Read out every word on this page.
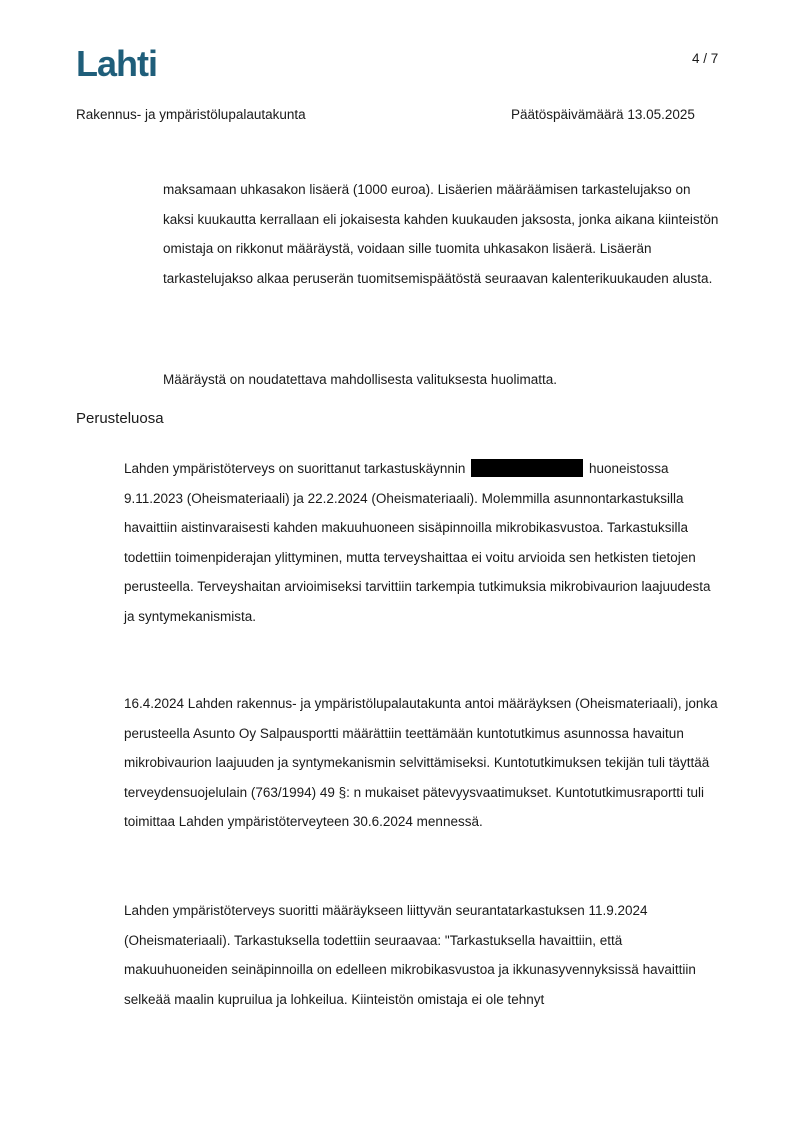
Lahti	4 / 7
Rakennus- ja ympäristölupalautakunta	Päätöspäivämäärä 13.05.2025

maksamaan uhkasakon lisäerä (1000 euroa). Lisäerien määräämisen tarkastelujakso on kaksi kuukautta kerrallaan eli jokaisesta kahden kuukauden jaksosta, jonka aikana kiinteistön omistaja on rikkonut määräystä, voidaan sille tuomita uhkasakon lisäerä. Lisäerän tarkastelujakso alkaa peruserän tuomitsemispäätöstä seuraavan kalenterikuukauden alusta.

Määräystä on noudatettava mahdollisesta valituksesta huolimatta.

Perusteluosa

Lahden ympäristöterveys on suorittanut tarkastuskäynnin	huoneistossa 9.11.2023 (Oheismateriaali) ja 22.2.2024 (Oheismateriaali). Molemmilla asunnontarkastuksilla havaittiin aistinvaraisesti kahden makuuhuoneen sisäpinnoilla mikrobikasvustoa. Tarkastuksilla todettiin toimenpiderajan ylittyminen, mutta terveyshaittaa ei voitu arvioida sen hetkisten tietojen perusteella. Terveyshaitan arvioimiseksi tarvittiin tarkempia tutkimuksia mikrobivaurion laajuudesta ja syntymekanismista.

16.4.2024 Lahden rakennus- ja ympäristölupalautakunta antoi määräyksen (Oheismateriaali), jonka perusteella Asunto Oy Salpausportti määrättiin teettämään kuntotutkimus asunnossa havaitun mikrobivaurion laajuuden ja syntymekanismin selvittämiseksi. Kuntotutkimuksen tekijän tuli täyttää terveydensuojelulain (763/1994) 49 §: n mukaiset pätevyysvaatimukset. Kuntotutkimusraportti tuli toimittaa Lahden ympäristöterveyteen 30.6.2024 mennessä.

Lahden ympäristöterveys suoritti määräykseen liittyvän seurantatarkastuksen 11.9.2024 (Oheismateriaali). Tarkastuksella todettiin seuraavaa: "Tarkastuksella havaittiin, että makuuhuoneiden seinäpinnoilla on edelleen mikrobikasvustoa ja ikkunasyvennyksissä havaittiin selkeää maalin kupruilua ja lohkeilua. Kiinteistön omistaja ei ole tehnyt
